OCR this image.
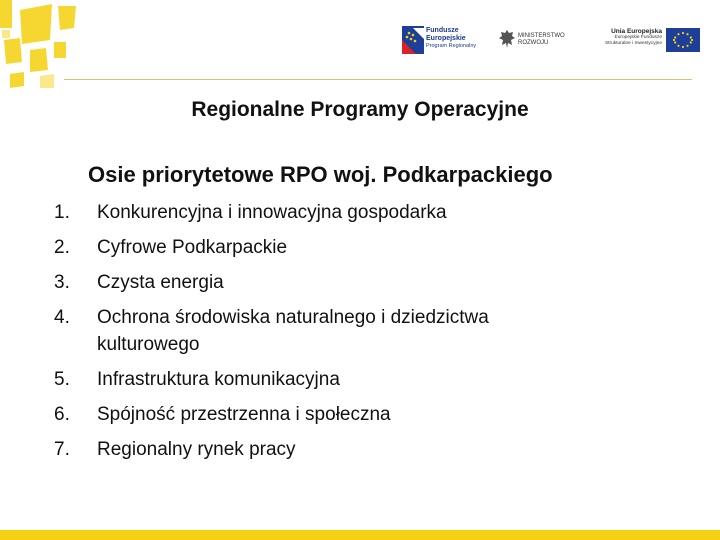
Fundusze
Europejskie
Program Regionalny
MINISTERSTWO
ROZWOJU
Unia Europejska
Europejskie Fundusze
Strukturalne i Inwestycyjne
Regionalne Programy Operacyjne
Osie priorytetowe RPO woj. Podkarpackiego
1.	Konkurencyjna i innowacyjna gospodarka
2.	Cyfrowe Podkarpackie
3.	Czysta energia
4.	Ochrona środowiska naturalnego i dziedzictwa kulturowego
5.	Infrastruktura komunikacyjna
6.	Spójność przestrzenna i społeczna
7.	Regionalny rynek pracy
